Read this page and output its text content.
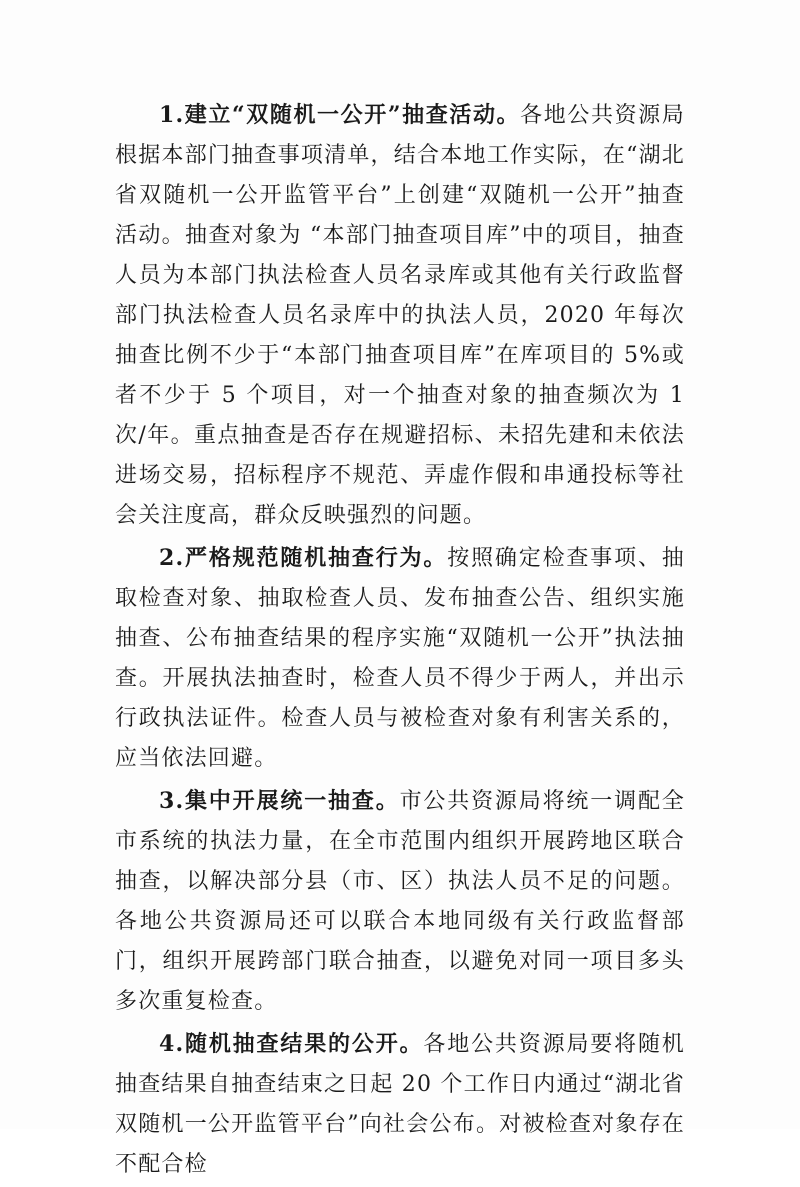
1.建立“双随机一公开”抽查活动。各地公共资源局根据本部门抽查事项清单，结合本地工作实际，在“湖北省双随机一公开监管平台”上创建“双随机一公开”抽查活动。抽查对象为 “本部门抽查项目库”中的项目，抽查人员为本部门执法检查人员名录库或其他有关行政监督部门执法检查人员名录库中的执法人员，2020 年每次抽查比例不少于“本部门抽查项目库”在库项目的 5%或者不少于 5 个项目，对一个抽查对象的抽查频次为 1 次/年。重点抽查是否存在规避招标、未招先建和未依法进场交易，招标程序不规范、弄虚作假和串通投标等社会关注度高，群众反映强烈的问题。

2.严格规范随机抽查行为。按照确定检查事项、抽取检查对象、抽取检查人员、发布抽查公告、组织实施抽查、公布抽查结果的程序实施“双随机一公开”执法抽查。开展执法抽查时，检查人员不得少于两人，并出示行政执法证件。检查人员与被检查对象有利害关系的，应当依法回避。

3.集中开展统一抽查。市公共资源局将统一调配全市系统的执法力量，在全市范围内组织开展跨地区联合抽查，以解决部分县（市、区）执法人员不足的问题。各地公共资源局还可以联合本地同级有关行政监督部门，组织开展跨部门联合抽查，以避免对同一项目多头多次重复检查。

4.随机抽查结果的公开。各地公共资源局要将随机抽查结果自抽查结束之日起 20 个工作日内通过“湖北省双随机一公开监管平台”向社会公布。对被检查对象存在不配合检
